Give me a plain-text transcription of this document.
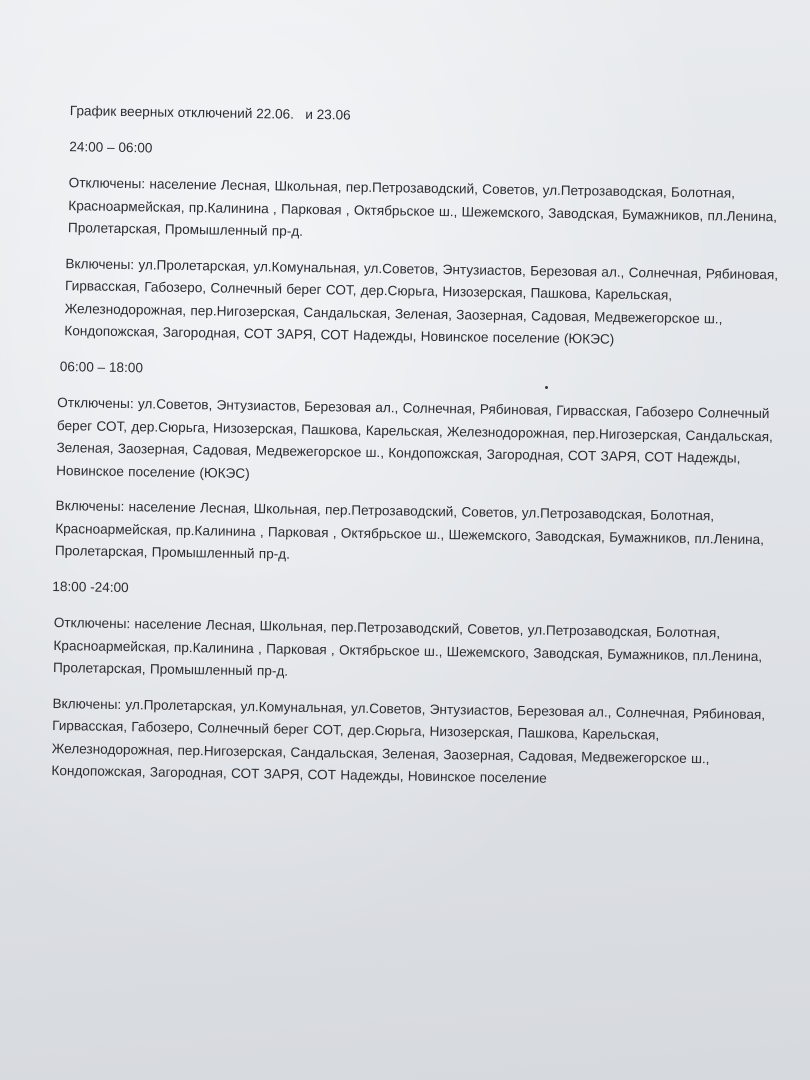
График веерных отключений 22.06.   и 23.06
24:00 – 06:00
Отключены: население Лесная, Школьная, пер.Петрозаводский, Советов, ул.Петрозаводская, Болотная, Красноармейская, пр.Калинина , Парковая , Октябрьское ш., Шежемского, Заводская, Бумажников, пл.Ленина, Пролетарская, Промышленный пр-д.
Включены: ул.Пролетарская, ул.Комунальная, ул.Советов, Энтузиастов, Березовая ал., Солнечная, Рябиновая, Гирвасская, Габозеро, Солнечный берег СОТ, дер.Сюрьга, Низозерская, Пашкова, Карельская, Железнодорожная, пер.Нигозерская, Сандальская, Зеленая, Заозерная, Садовая, Медвежегорское ш., Кондопожская, Загородная, СОТ ЗАРЯ, СОТ Надежды, Новинское поселение (ЮКЭС)
06:00 – 18:00
Отключены: ул.Советов, Энтузиастов, Березовая ал., Солнечная, Рябиновая, Гирвасская, Габозеро Солнечный берег СОТ, дер.Сюрьга, Низозерская, Пашкова, Карельская, Железнодорожная, пер.Нигозерская, Сандальская, Зеленая, Заозерная, Садовая, Медвежегорское ш., Кондопожская, Загородная, СОТ ЗАРЯ, СОТ Надежды, Новинское поселение (ЮКЭС)
Включены: население Лесная, Школьная, пер.Петрозаводский, Советов, ул.Петрозаводская, Болотная, Красноармейская, пр.Калинина , Парковая , Октябрьское ш., Шежемского, Заводская, Бумажников, пл.Ленина, Пролетарская, Промышленный пр-д.
18:00 -24:00
Отключены: население Лесная, Школьная, пер.Петрозаводский, Советов, ул.Петрозаводская, Болотная, Красноармейская, пр.Калинина , Парковая , Октябрьское ш., Шежемского, Заводская, Бумажников, пл.Ленина, Пролетарская, Промышленный пр-д.
Включены: ул.Пролетарская, ул.Комунальная, ул.Советов, Энтузиастов, Березовая ал., Солнечная, Рябиновая, Гирвасская, Габозеро, Солнечный берег СОТ, дер.Сюрьга, Низозерская, Пашкова, Карельская, Железнодорожная, пер.Нигозерская, Сандальская, Зеленая, Заозерная, Садовая, Медвежегорское ш., Кондопожская, Загородная, СОТ ЗАРЯ, СОТ Надежды, Новинское поселение
